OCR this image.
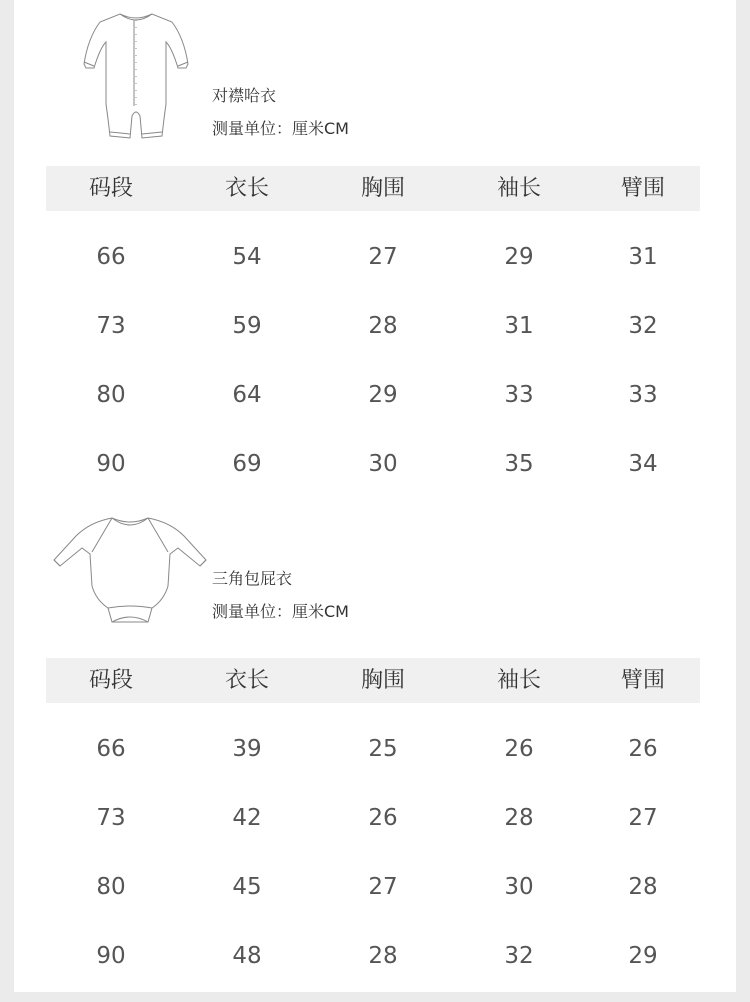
对襟哈衣
测量单位：厘米CM
码段	衣长	胸围	袖长	臂围
66	54	27	29	31
73	59	28	31	32
80	64	29	33	33
90	69	30	35	34
三角包屁衣
测量单位：厘米CM
码段	衣长	胸围	袖长	臂围
66	39	25	26	26
73	42	26	28	27
80	45	27	30	28
90	48	28	32	29
